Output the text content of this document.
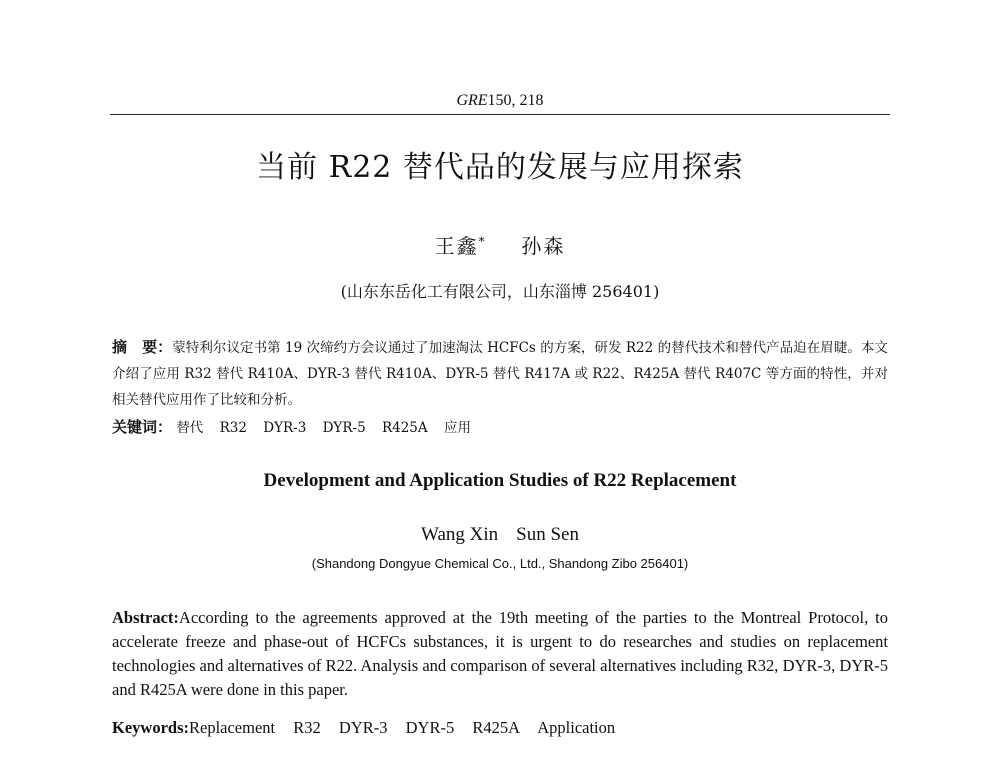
GRE150, 218
当前 R22 替代品的发展与应用探索
王鑫* 孙森
(山东东岳化工有限公司，山东淄博 256401)
摘　要：蒙特利尔议定书第 19 次缔约方会议通过了加速淘汰 HCFCs 的方案，研发 R22 的替代技术和替代产品迫在眉睫。本文介绍了应用 R32 替代 R410A、DYR-3 替代 R410A、DYR-5 替代 R417A 或 R22、R425A 替代 R407C 等方面的特性，并对相关替代应用作了比较和分析。
关键词： 替代 R32 DYR-3 DYR-5 R425A 应用
Development and Application Studies of R22 Replacement
Wang Xin Sun Sen
(Shandong Dongyue Chemical Co., Ltd., Shandong Zibo 256401)
Abstract:According to the agreements approved at the 19th meeting of the parties to the Montreal Protocol, to accelerate freeze and phase-out of HCFCs substances, it is urgent to do researches and studies on replacement technologies and alternatives of R22. Analysis and comparison of several alternatives including R32, DYR-3, DYR-5 and R425A were done in this paper.
Keywords:Replacement R32 DYR-3 DYR-5 R425A Application
